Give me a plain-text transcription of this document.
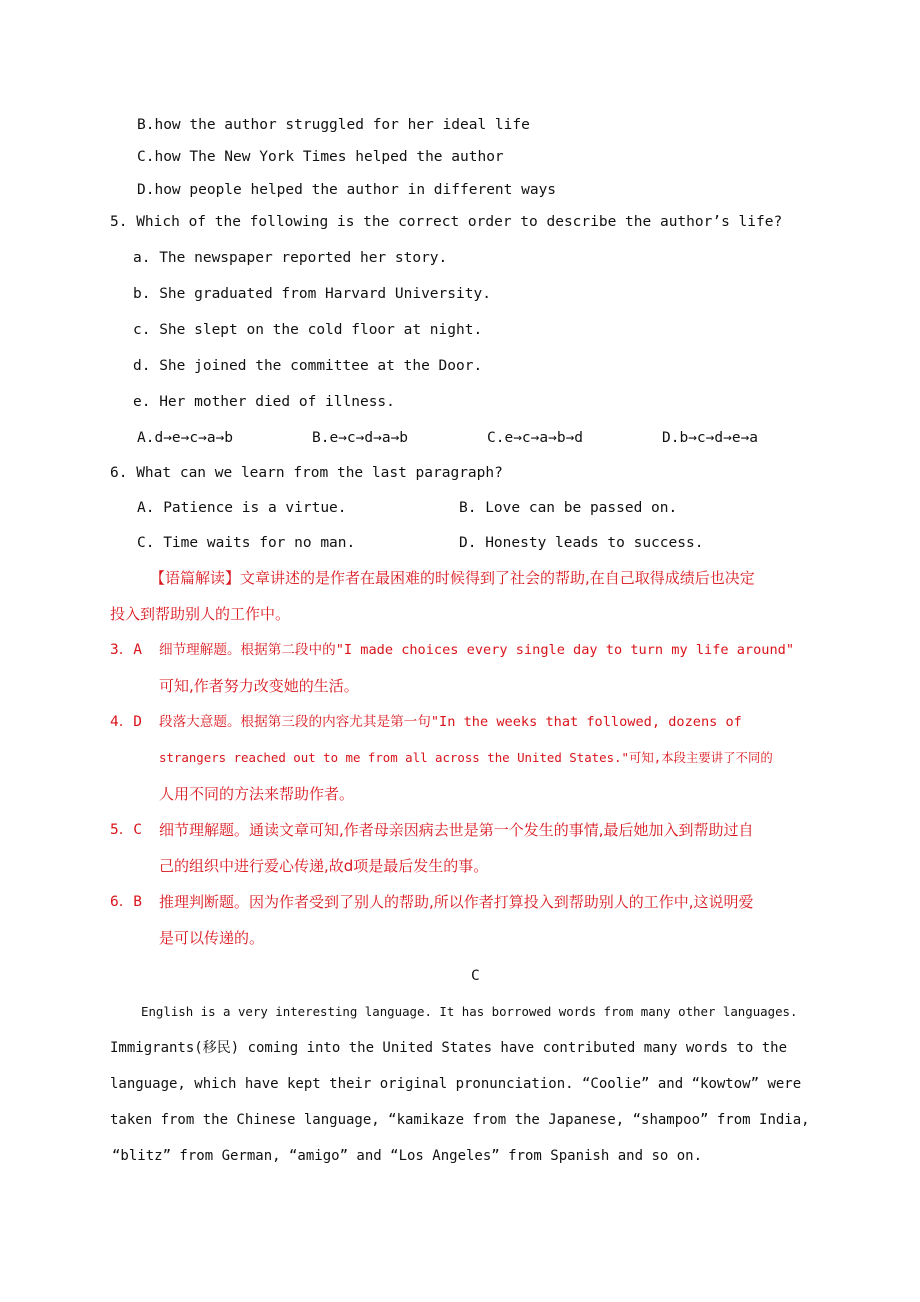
B.how the author struggled for her ideal life
C.how The New York Times helped the author
D.how people helped the author in different ways
5. Which of the following is the correct order to describe the author’s life?
a. The newspaper reported her story.
b. She graduated from Harvard University.
c. She slept on the cold floor at night.
d. She joined the committee at the Door.
e. Her mother died of illness.
A.d→e→c→a→b	B.e→c→d→a→b	C.e→c→a→b→d	D.b→c→d→e→a
6. What can we learn from the last paragraph?
A. Patience is a virtue.	B. Love can be passed on.
C. Time waits for no man.	D. Honesty leads to success.
【语篇解读】文章讲述的是作者在最困难的时候得到了社会的帮助,在自己取得成绩后也决定
投入到帮助别人的工作中。
3．A 细节理解题。根据第二段中的"I made choices every single day to turn my life around"
可知,作者努力改变她的生活。
4．D 段落大意题。根据第三段的内容尤其是第一句"In the weeks that followed, dozens of
strangers reached out to me from all across the United States."可知,本段主要讲了不同的
人用不同的方法来帮助作者。
5．C 细节理解题。通读文章可知,作者母亲因病去世是第一个发生的事情,最后她加入到帮助过自
己的组织中进行爱心传递,故d项是最后发生的事。
6．B 推理判断题。因为作者受到了别人的帮助,所以作者打算投入到帮助别人的工作中,这说明爱
是可以传递的。
C
English is a very interesting language. It has borrowed words from many other languages.
Immigrants(移民) coming into the United States have contributed many words to the
language, which have kept their original pronunciation. “Coolie” and “kowtow” were
taken from the Chinese language, “kamikaze from the Japanese, “shampoo” from India,
“blitz” from German, “amigo” and “Los Angeles” from Spanish and so on.
